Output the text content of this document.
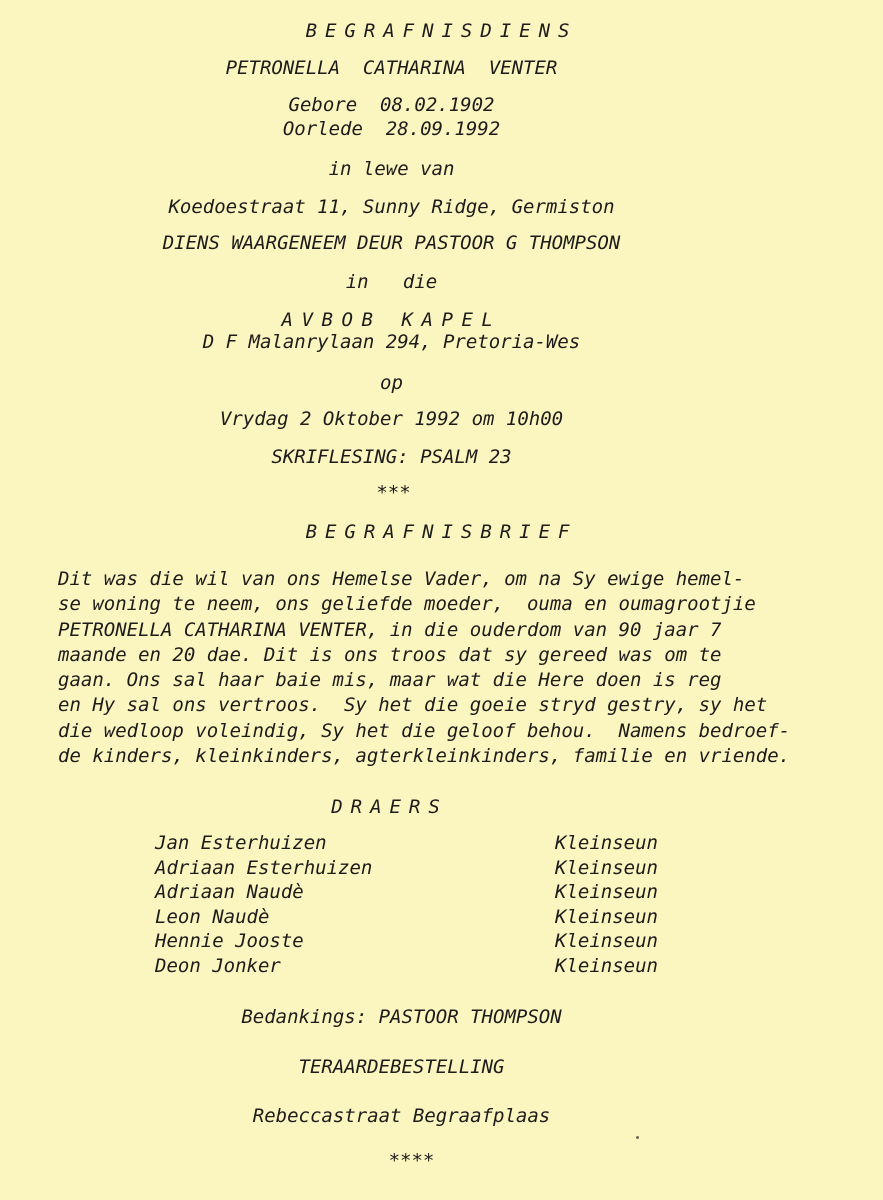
BEGRAFNISDIENS
PETRONELLA  CATHARINA  VENTER
Gebore  08.02.1902
Oorlede  28.09.1992
in lewe van
Koedoestraat 11, Sunny Ridge, Germiston
DIENS WAARGENEEM DEUR PASTOOR G THOMPSON
in   die
AVBOB KAPEL
D F Malanrylaan 294, Pretoria-Wes
op
Vrydag 2 Oktober 1992 om 10h00
SKRIFLESING: PSALM 23
***
BEGRAFNISBRIEF
Dit was die wil van ons Hemelse Vader, om na Sy ewige hemel-
se woning te neem, ons geliefde moeder,  ouma en oumagrootjie
PETRONELLA CATHARINA VENTER, in die ouderdom van 90 jaar 7
maande en 20 dae. Dit is ons troos dat sy gereed was om te
gaan. Ons sal haar baie mis, maar wat die Here doen is reg
en Hy sal ons vertroos.  Sy het die goeie stryd gestry, sy het
die wedloop voleindig, Sy het die geloof behou.  Namens bedroef-
de kinders, kleinkinders, agterkleinkinders, familie en vriende.
DRAERS
Jan Esterhuizen	Kleinseun
Adriaan Esterhuizen	Kleinseun
Adriaan Naudè	Kleinseun
Leon Naudè	Kleinseun
Hennie Jooste	Kleinseun
Deon Jonker	Kleinseun
Bedankings: PASTOOR THOMPSON
TERAARDEBESTELLING
Rebeccastraat Begraafplaas
****
